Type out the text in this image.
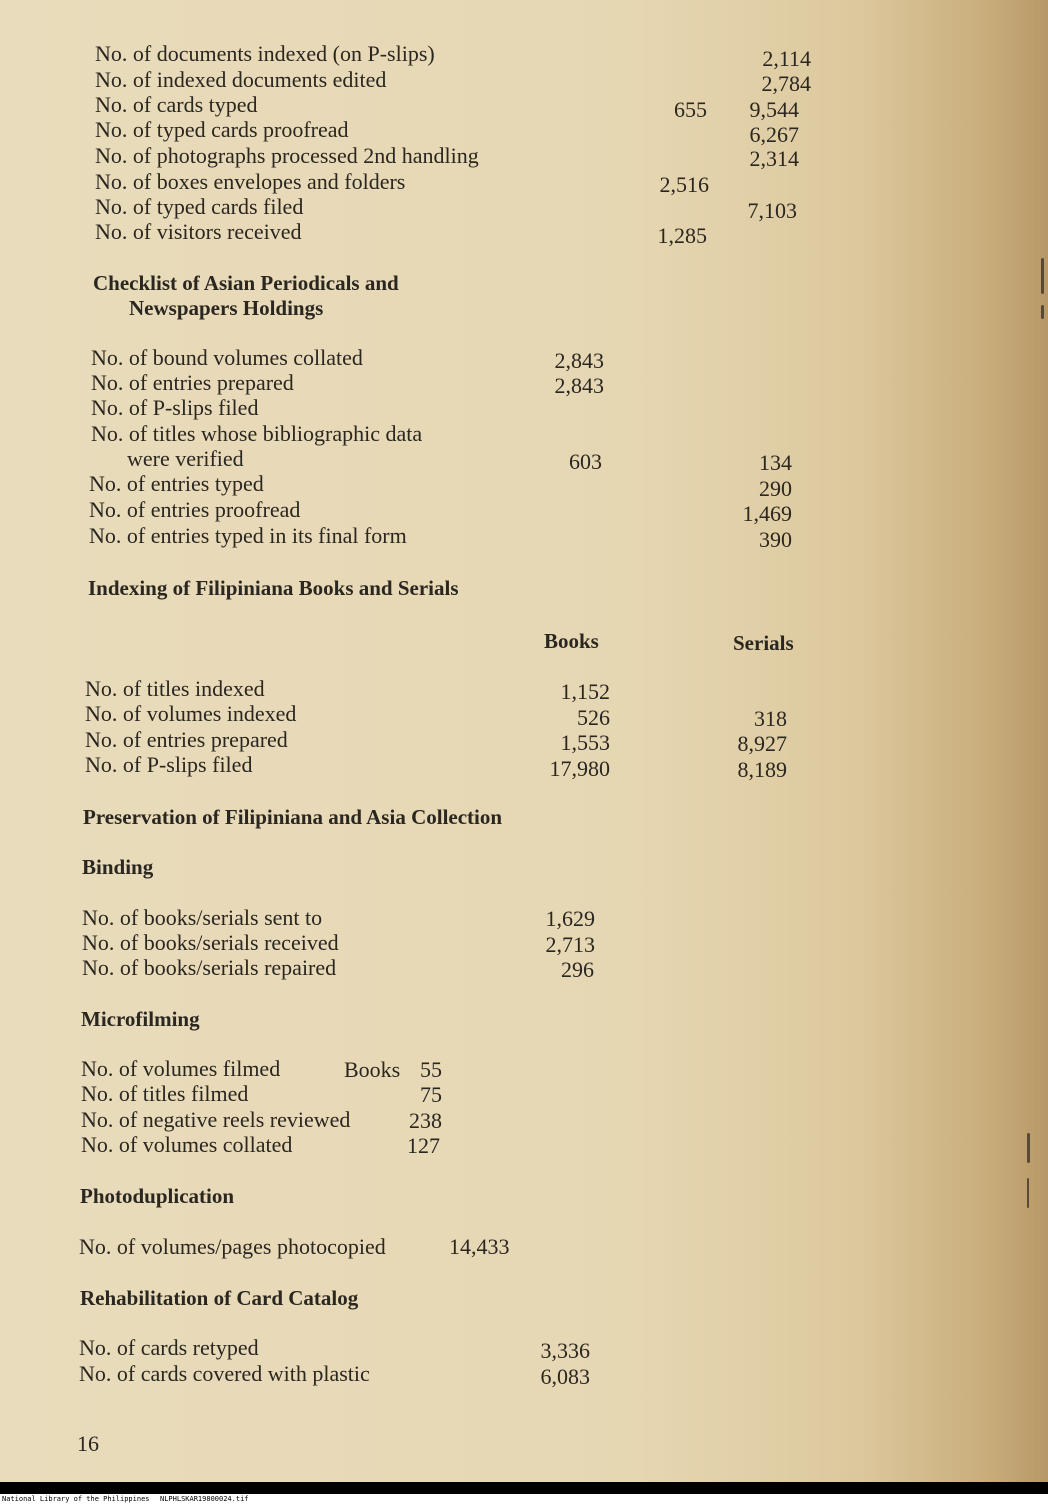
No. of documents indexed (on P-slips)	2,114
No. of indexed documents edited	2,784
No. of cards typed	655 9,544
No. of typed cards proofread	6,267
No. of photographs processed 2nd handling	2,314
No. of boxes envelopes and folders	2,516
No. of typed cards filed	7,103
No. of visitors received	1,285
Checklist of Asian Periodicals and
Newspapers Holdings
No. of bound volumes collated	2,843
No. of entries prepared	2,843
No. of P-slips filed
No. of titles whose bibliographic data
were verified	603	134
No. of entries typed	290
No. of entries proofread	1,469
No. of entries typed in its final form	390
Indexing of Filipiniana Books and Serials
Books	Serials
No. of titles indexed	1,152
No. of volumes indexed	526	318
No. of entries prepared	1,553	8,927
No. of P-slips filed	17,980	8,189
Preservation of Filipiniana and Asia Collection
Binding
No. of books/serials sent to	1,629
No. of books/serials received	2,713
No. of books/serials repaired	296
Microfilming
No. of volumes filmed	Books 55
No. of titles filmed	75
No. of negative reels reviewed	238
No. of volumes collated	127
Photoduplication
No. of volumes/pages photocopied	14,433
Rehabilitation of Card Catalog
No. of cards retyped	3,336
No. of cards covered with plastic	6,083
16
National Library of the Philippines NLPHLSKAR19800024.tif
